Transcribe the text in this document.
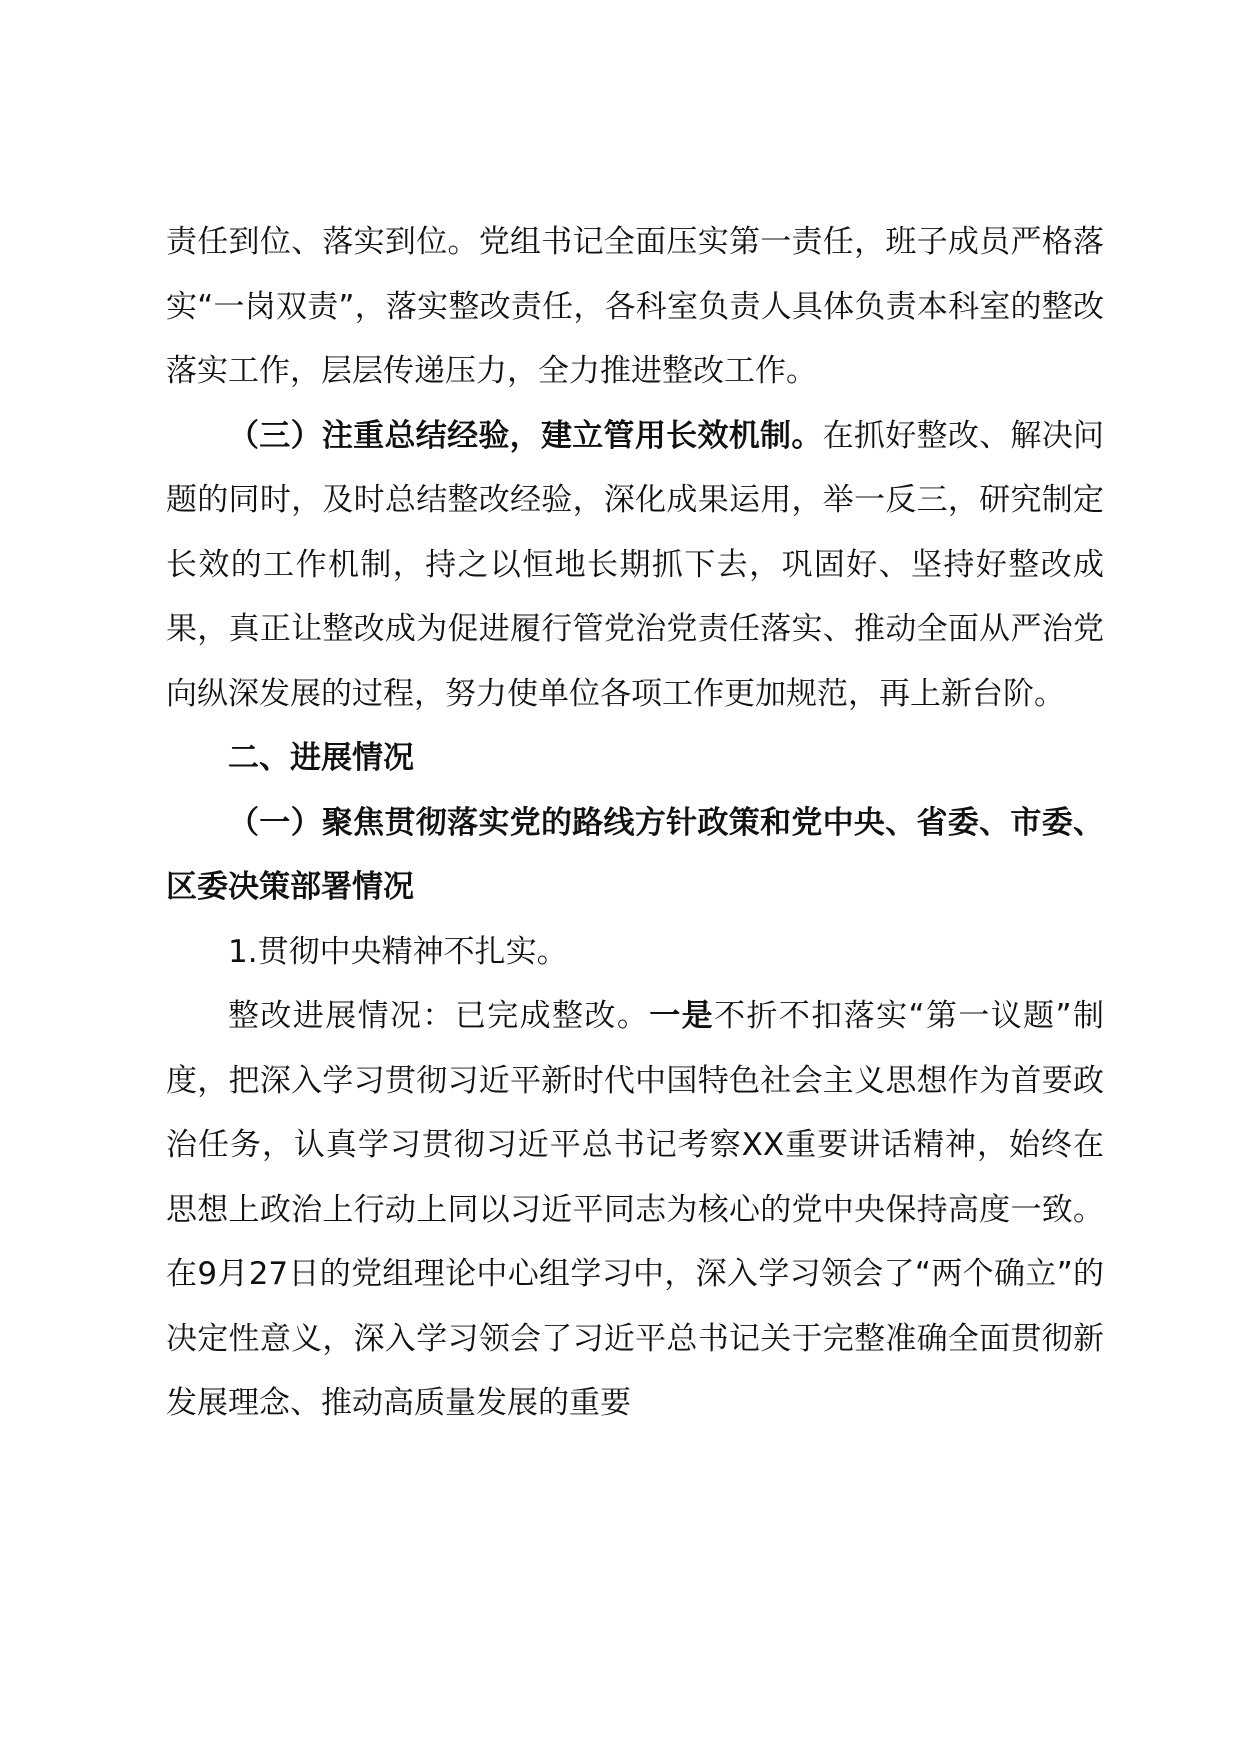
责任到位、落实到位。党组书记全面压实第一责任，班子成员严格落实“一岗双责”，落实整改责任，各科室负责人具体负责本科室的整改落实工作，层层传递压力，全力推进整改工作。

（三）注重总结经验，建立管用长效机制。在抓好整改、解决问题的同时，及时总结整改经验，深化成果运用，举一反三，研究制定长效的工作机制，持之以恒地长期抓下去，巩固好、坚持好整改成果，真正让整改成为促进履行管党治党责任落实、推动全面从严治党向纵深发展的过程，努力使单位各项工作更加规范，再上新台阶。

二、进展情况

（一）聚焦贯彻落实党的路线方针政策和党中央、省委、市委、区委决策部署情况

1.贯彻中央精神不扎实。

整改进展情况：已完成整改。一是不折不扣落实“第一议题”制度，把深入学习贯彻习近平新时代中国特色社会主义思想作为首要政治任务，认真学习贯彻习近平总书记考察XX重要讲话精神，始终在思想上政治上行动上同以习近平同志为核心的党中央保持高度一致。在9月27日的党组理论中心组学习中，深入学习领会了“两个确立”的决定性意义，深入学习领会了习近平总书记关于完整准确全面贯彻新发展理念、推动高质量发展的重要
